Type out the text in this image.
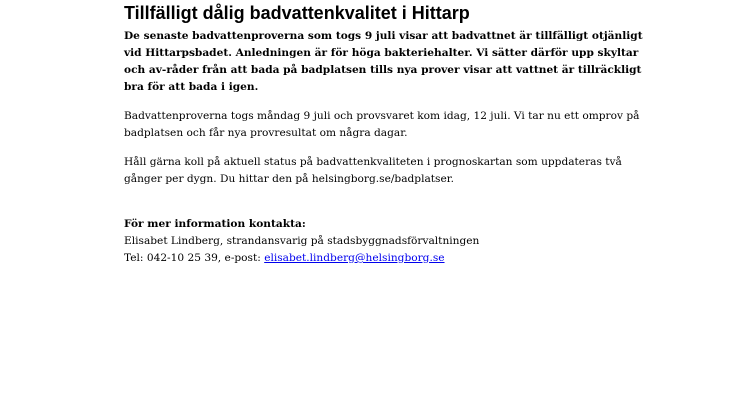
Tillfälligt dålig badvattenkvalitet i Hittarp

De senaste badvattenproverna som togs 9 juli visar att badvattnet är tillfälligt otjänligt vid Hittarpsbadet. Anledningen är för höga bakteriehalter. Vi sätter därför upp skyltar och av-råder från att bada på badplatsen tills nya prover visar att vattnet är tillräckligt bra för att bada i igen.

Badvattenproverna togs måndag 9 juli och provsvaret kom idag, 12 juli. Vi tar nu ett omprov på badplatsen och får nya provresultat om några dagar.

Håll gärna koll på aktuell status på badvattenkvaliteten i prognoskartan som uppdateras två gånger per dygn. Du hittar den på helsingborg.se/badplatser.

För mer information kontakta:
Elisabet Lindberg, strandansvarig på stadsbyggnadsförvaltningen
Tel: 042-10 25 39, e-post: elisabet.lindberg@helsingborg.se
